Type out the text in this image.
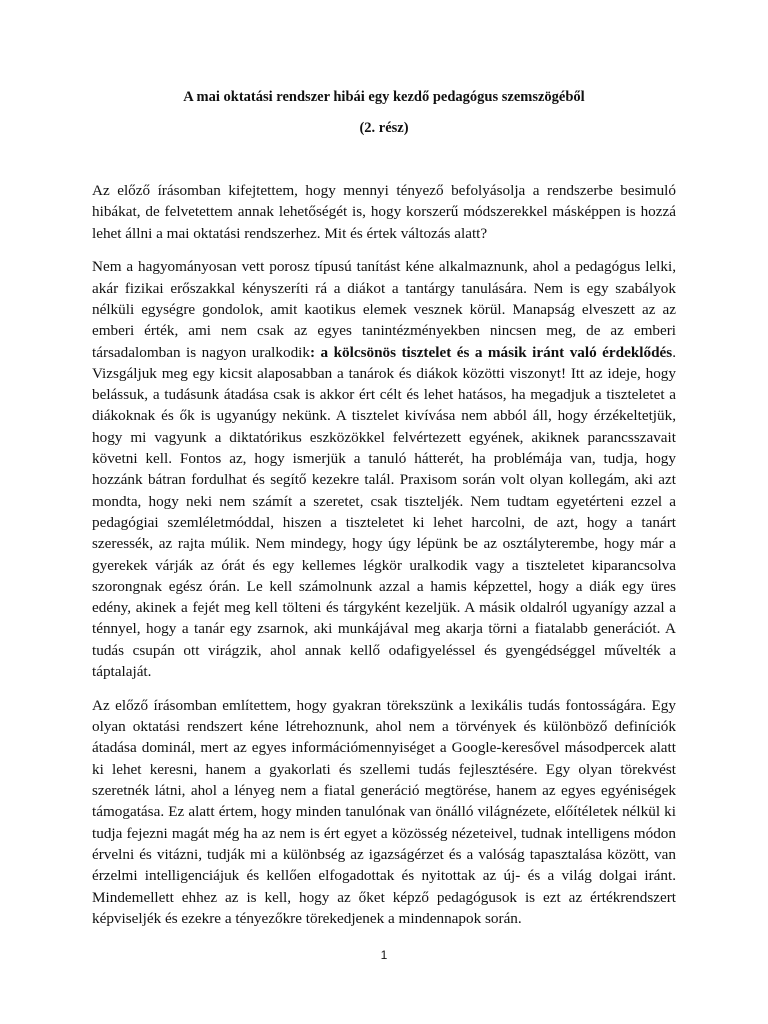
A mai oktatási rendszer hibái egy kezdő pedagógus szemszögéből
(2. rész)

Az előző írásomban kifejtettem, hogy mennyi tényező befolyásolja a rendszerbe besimuló hibákat, de felvetettem annak lehetőségét is, hogy korszerű módszerekkel másképpen is hozzá lehet állni a mai oktatási rendszerhez. Mit és értek változás alatt?

Nem a hagyományosan vett porosz típusú tanítást kéne alkalmaznunk, ahol a pedagógus lelki, akár fizikai erőszakkal kényszeríti rá a diákot a tantárgy tanulására. Nem is egy szabályok nélküli egységre gondolok, amit kaotikus elemek vesznek körül. Manapság elveszett az az emberi érték, ami nem csak az egyes tanintézményekben nincsen meg, de az emberi társadalomban is nagyon uralkodik: a kölcsönös tisztelet és a másik iránt való érdeklődés. Vizsgáljuk meg egy kicsit alaposabban a tanárok és diákok közötti viszonyt! Itt az ideje, hogy belássuk, a tudásunk átadása csak is akkor ért célt és lehet hatásos, ha megadjuk a tiszteletet a diákoknak és ők is ugyanúgy nekünk. A tisztelet kivívása nem abból áll, hogy érzékeltetjük, hogy mi vagyunk a diktatórikus eszközökkel felvértezett egyének, akiknek parancsszavait követni kell. Fontos az, hogy ismerjük a tanuló hátterét, ha problémája van, tudja, hogy hozzánk bátran fordulhat és segítő kezekre talál. Praxisom során volt olyan kollegám, aki azt mondta, hogy neki nem számít a szeretet, csak tiszteljék. Nem tudtam egyetérteni ezzel a pedagógiai szemléletmóddal, hiszen a tiszteletet ki lehet harcolni, de azt, hogy a tanárt szeressék, az rajta múlik. Nem mindegy, hogy úgy lépünk be az osztályterembe, hogy már a gyerekek várják az órát és egy kellemes légkör uralkodik vagy a tiszteletet kiparancsolva szorongnak egész órán. Le kell számolnunk azzal a hamis képzettel, hogy a diák egy üres edény, akinek a fejét meg kell tölteni és tárgyként kezeljük. A másik oldalról ugyanígy azzal a ténnyel, hogy a tanár egy zsarnok, aki munkájával meg akarja törni a fiatalabb generációt. A tudás csupán ott virágzik, ahol annak kellő odafigyeléssel és gyengédséggel művelték a táptalaját.

Az előző írásomban említettem, hogy gyakran törekszünk a lexikális tudás fontosságára. Egy olyan oktatási rendszert kéne létrehoznunk, ahol nem a törvények és különböző definíciók átadása dominál, mert az egyes információmennyiséget a Google-keresővel másodpercek alatt ki lehet keresni, hanem a gyakorlati és szellemi tudás fejlesztésére. Egy olyan törekvést szeretnék látni, ahol a lényeg nem a fiatal generáció megtörése, hanem az egyes egyéniségek támogatása. Ez alatt értem, hogy minden tanulónak van önálló világnézete, előítéletek nélkül ki tudja fejezni magát még ha az nem is ért egyet a közösség nézeteivel, tudnak intelligens módon érvelni és vitázni, tudják mi a különbség az igazságérzet és a valóság tapasztalása között, van érzelmi intelligenciájuk és kellően elfogadottak és nyitottak az új- és a világ dolgai iránt. Mindemellett ehhez az is kell, hogy az őket képző pedagógusok is ezt az értékrendszert képviseljék és ezekre a tényezőkre törekedjenek a mindennapok során.

1
